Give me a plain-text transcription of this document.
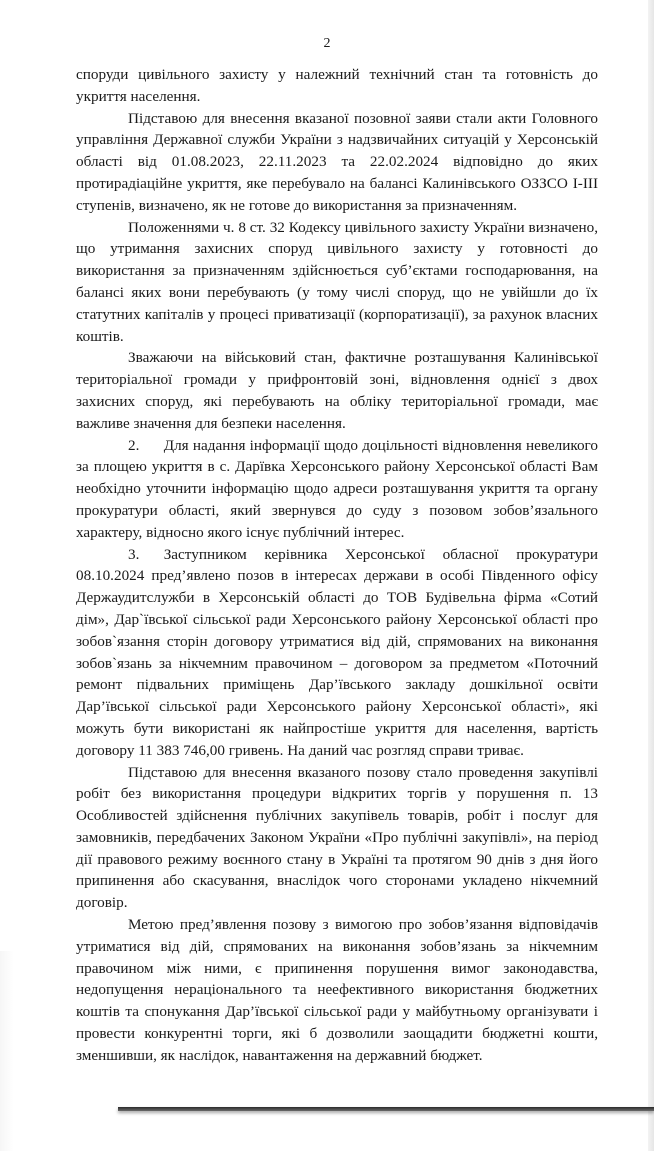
2

споруди цивільного захисту у належний технічний стан та готовність до укриття населення.

Підставою для внесення вказаної позовної заяви стали акти Головного управління Державної служби України з надзвичайних ситуацій у Херсонській області від 01.08.2023, 22.11.2023 та 22.02.2024 відповідно до яких протирадіаційне укриття, яке перебувало на балансі Калинівського ОЗЗСО І-ІІІ ступенів, визначено, як не готове до використання за призначенням.

Положеннями ч. 8 ст. 32 Кодексу цивільного захисту України визначено, що утримання захисних споруд цивільного захисту у готовності до використання за призначенням здійснюється суб’єктами господарювання, на балансі яких вони перебувають (у тому числі споруд, що не увійшли до їх статутних капіталів у процесі приватизації (корпоратизації), за рахунок власних коштів.

Зважаючи на військовий стан, фактичне розташування Калинівської територіальної громади у прифронтовій зоні, відновлення однієї з двох захисних споруд, які перебувають на обліку територіальної громади, має важливе значення для безпеки населення.

2. Для надання інформації щодо доцільності відновлення невеликого за площею укриття в с. Дарївка Херсонського району Херсонської області Вам необхідно уточнити інформацію щодо адреси розташування укриття та органу прокуратури області, який звернувся до суду з позовом зобов’язального характеру, відносно якого існує публічний інтерес.

3. Заступником керівника Херсонської обласної прокуратури 08.10.2024 пред’явлено позов в інтересах держави в особі Південного офісу Держаудитслужби в Херсонській області до ТОВ Будівельна фірма «Сотий дім», Дар`ївської сільської ради Херсонського району Херсонської області про зобов`язання сторін договору утриматися від дій, спрямованих на виконання зобов`язань за нікчемним правочином – договором за предметом «Поточний ремонт підвальних приміщень Дар’ївського закладу дошкільної освіти Дар’ївської сільської ради Херсонського району Херсонської області», які можуть бути використані як найпростіше укриття для населення, вартість договору 11 383 746,00 гривень. На даний час розгляд справи триває.

Підставою для внесення вказаного позову стало проведення закупівлі робіт без використання процедури відкритих торгів у порушення п. 13 Особливостей здійснення публічних закупівель товарів, робіт і послуг для замовників, передбачених Законом України «Про публічні закупівлі», на період дії правового режиму воєнного стану в Україні та протягом 90 днів з дня його припинення або скасування, внаслідок чого сторонами укладено нікчемний договір.

Метою пред’явлення позову з вимогою про зобов’язання відповідачів утриматися від дій, спрямованих на виконання зобов’язань за нікчемним правочином між ними, є припинення порушення вимог законодавства, недопущення нераціонального та неефективного використання бюджетних коштів та спонукання Дар’ївської сільської ради у майбутньому організувати і провести конкурентні торги, які б дозволили заощадити бюджетні кошти, зменшивши, як наслідок, навантаження на державний бюджет.
